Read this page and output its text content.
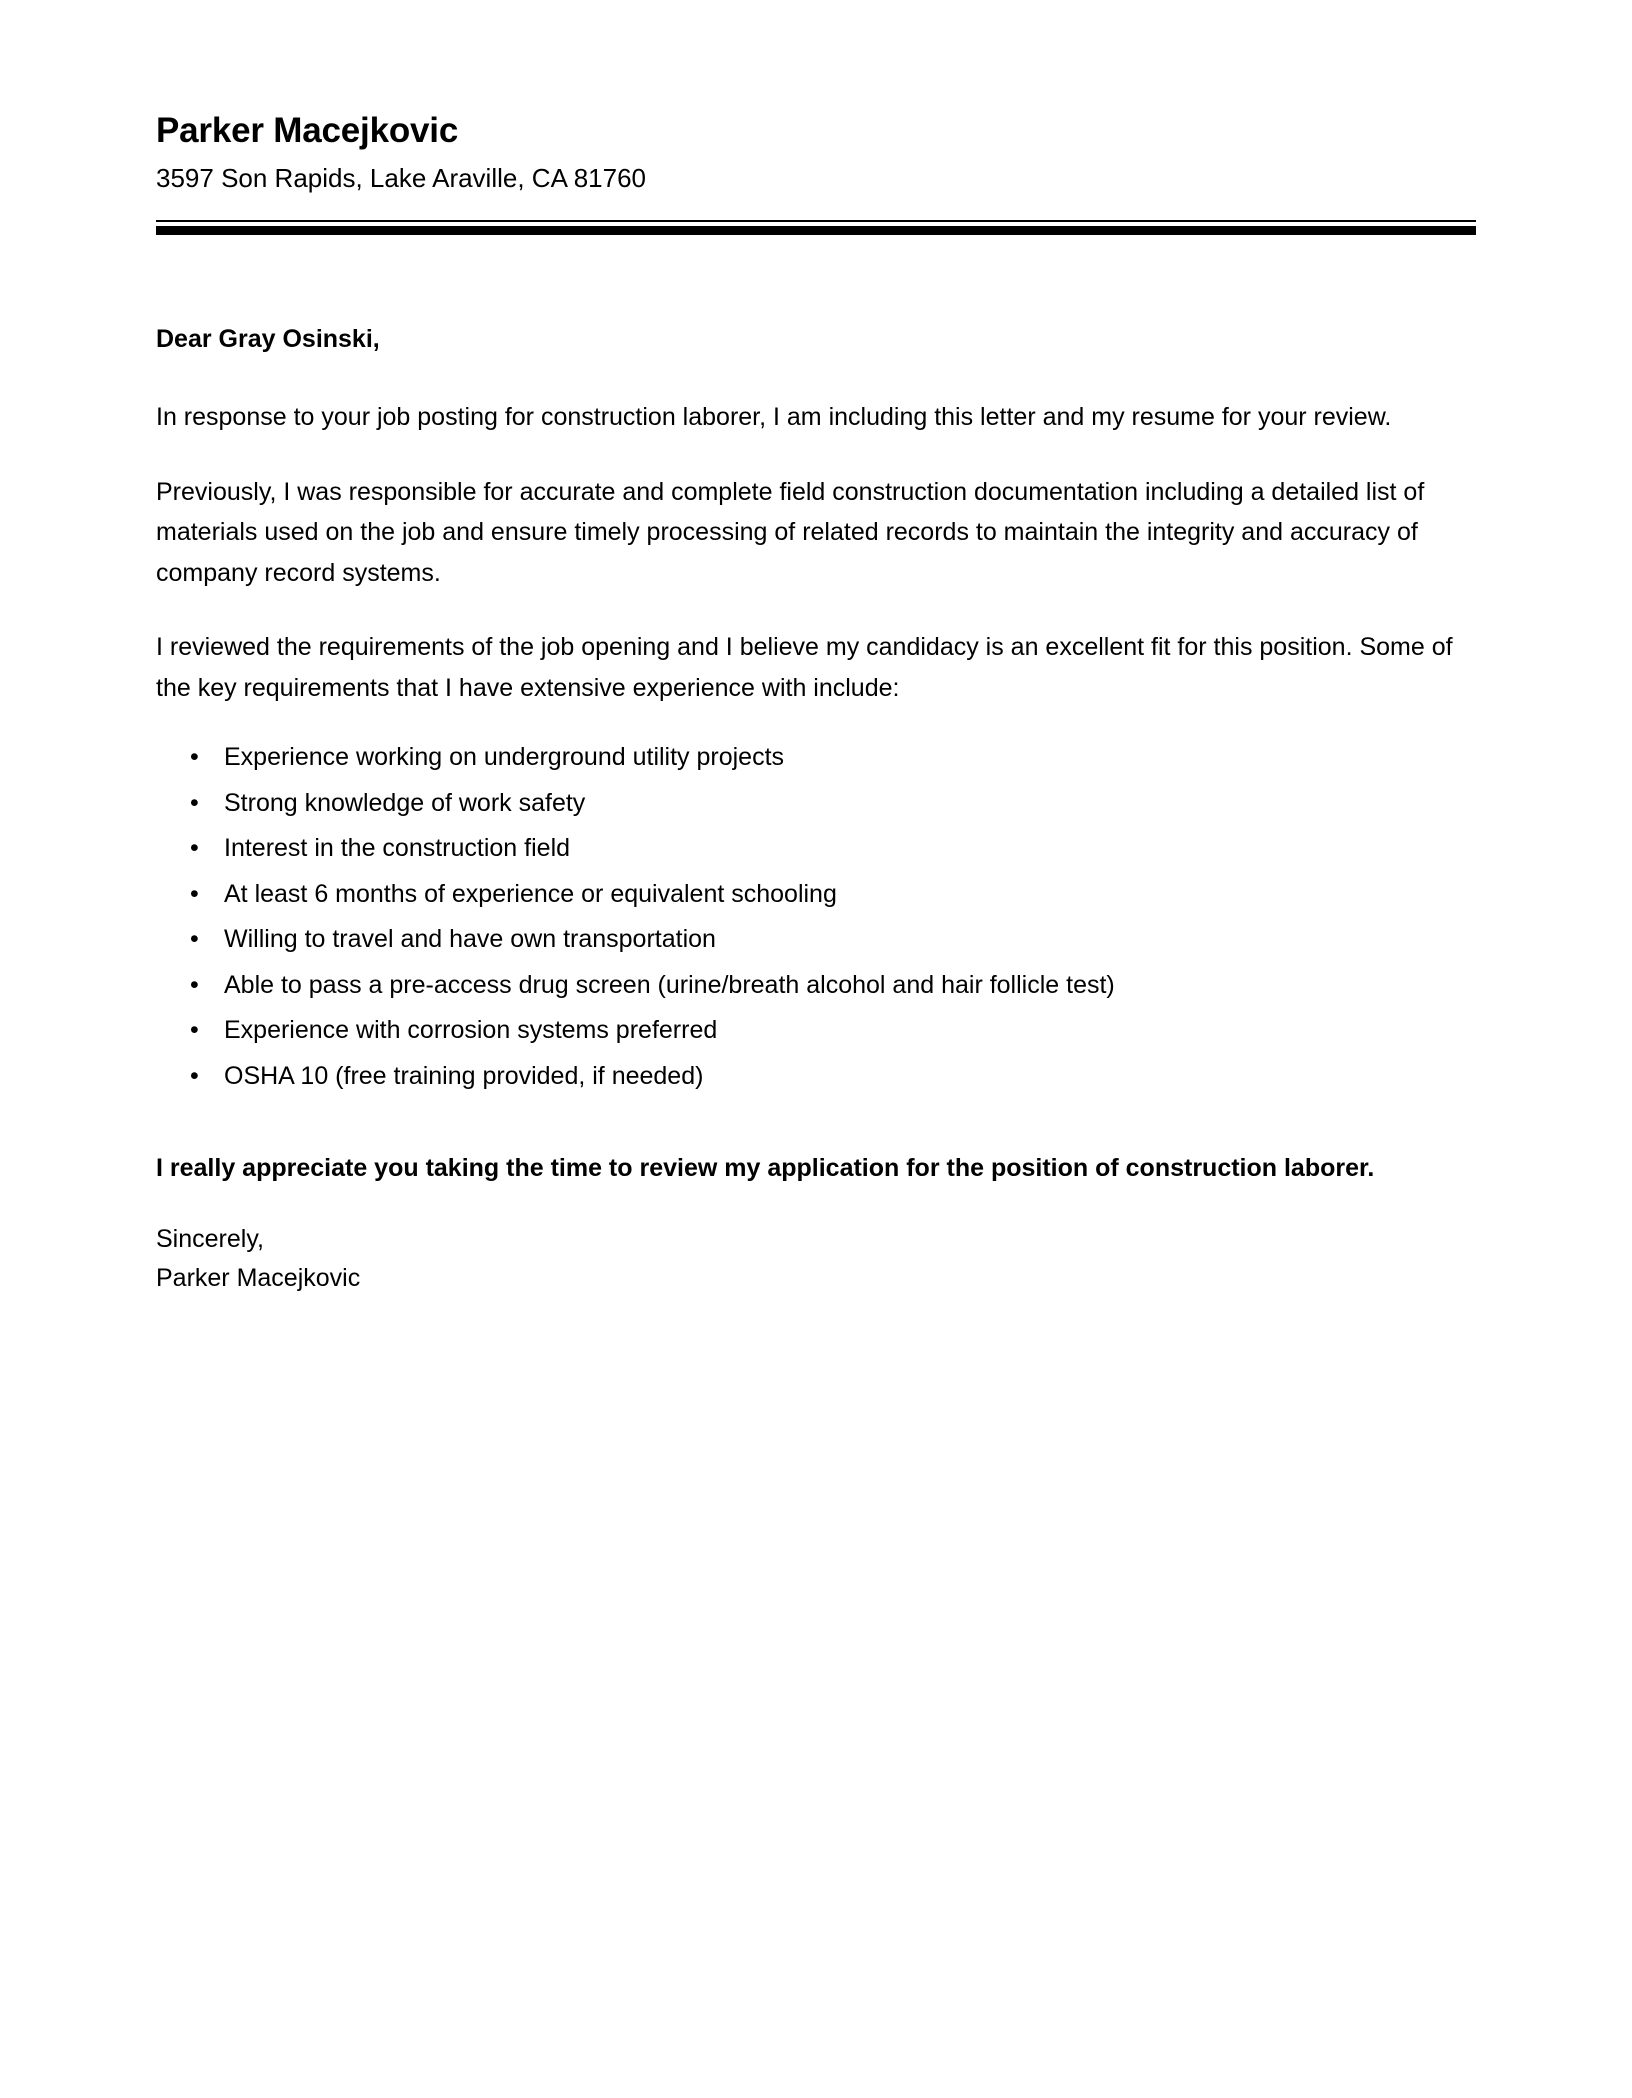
Parker Macejkovic

3597 Son Rapids, Lake Araville, CA 81760

Dear Gray Osinski,

In response to your job posting for construction laborer, I am including this letter and my resume for your review.

Previously, I was responsible for accurate and complete field construction documentation including a detailed list of materials used on the job and ensure timely processing of related records to maintain the integrity and accuracy of company record systems.

I reviewed the requirements of the job opening and I believe my candidacy is an excellent fit for this position. Some of the key requirements that I have extensive experience with include:

• Experience working on underground utility projects
• Strong knowledge of work safety
• Interest in the construction field
• At least 6 months of experience or equivalent schooling
• Willing to travel and have own transportation
• Able to pass a pre-access drug screen (urine/breath alcohol and hair follicle test)
• Experience with corrosion systems preferred
• OSHA 10 (free training provided, if needed)

I really appreciate you taking the time to review my application for the position of construction laborer.

Sincerely,

Parker Macejkovic
